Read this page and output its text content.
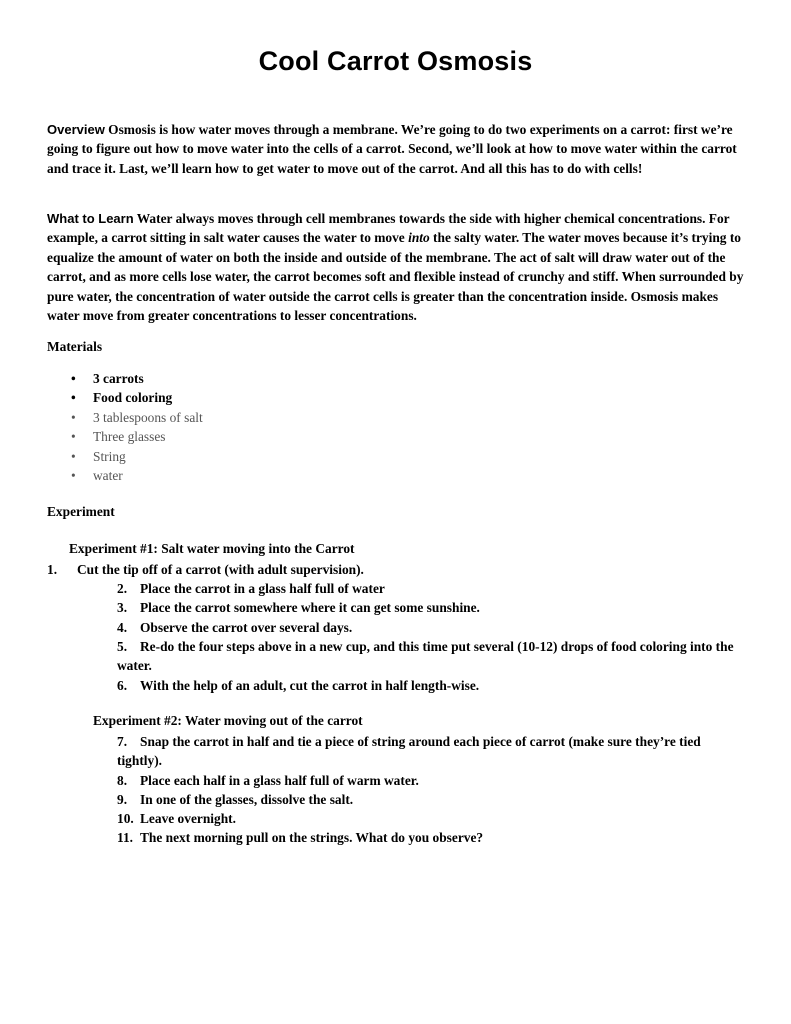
Cool Carrot Osmosis

Overview Osmosis is how water moves through a membrane. We’re going to do two experiments on a carrot: first we’re going to figure out how to move water into the cells of a carrot. Second, we’ll look at how to move water within the carrot and trace it. Last, we’ll learn how to get water to move out of the carrot. And all this has to do with cells!

What to Learn Water always moves through cell membranes towards the side with higher chemical concentrations. For example, a carrot sitting in salt water causes the water to move into the salty water. The water moves because it’s trying to equalize the amount of water on both the inside and outside of the membrane. The act of salt will draw water out of the carrot, and as more cells lose water, the carrot becomes soft and flexible instead of crunchy and stiff. When surrounded by pure water, the concentration of water outside the carrot cells is greater than the concentration inside. Osmosis makes water move from greater concentrations to lesser concentrations.

Materials
• 3 carrots
• Food coloring
• 3 tablespoons of salt
• Three glasses
• String
• water
Experiment

Experiment #1: Salt water moving into the Carrot

1. Cut the tip off of a carrot (with adult supervision).

2. Place the carrot in a glass half full of water

3. Place the carrot somewhere where it can get some sunshine.

4. Observe the carrot over several days.

5. Re-do the four steps above in a new cup, and this time put several (10-12) drops of food coloring into the water.

6. With the help of an adult, cut the carrot in half length-wise.

Experiment #2: Water moving out of the carrot

7. Snap the carrot in half and tie a piece of string around each piece of carrot (make sure they’re tied tightly).

8. Place each half in a glass half full of warm water.

9. In one of the glasses, dissolve the salt.

10. Leave overnight.

11. The next morning pull on the strings. What do you observe?
